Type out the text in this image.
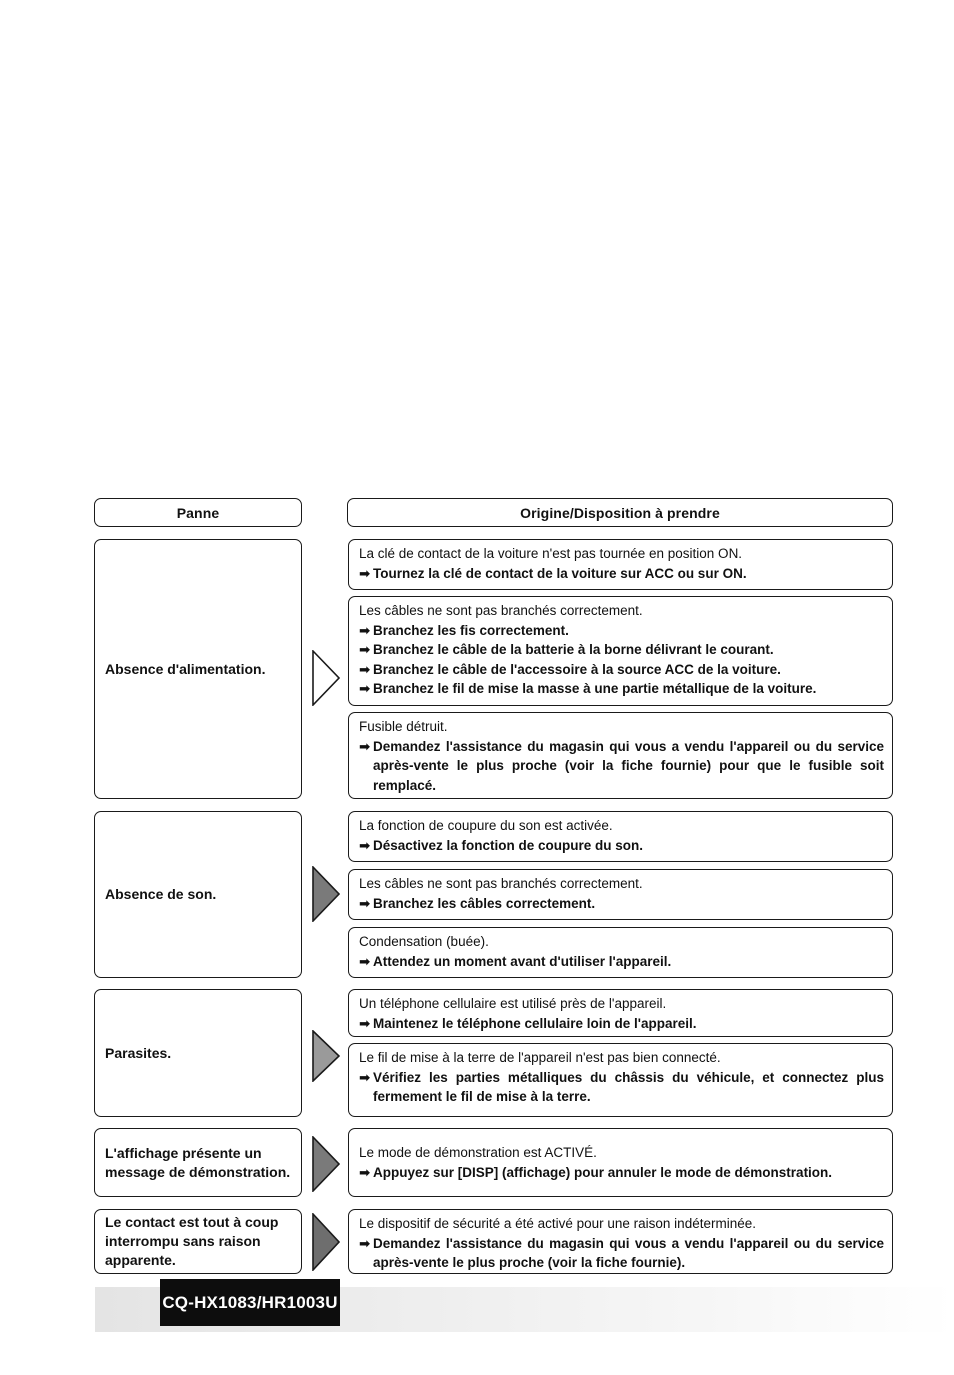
Panne	Origine/Disposition à prendre
Absence d'alimentation.

La clé de contact de la voiture n'est pas tournée en position ON.

➡ Tournez la clé de contact de la voiture sur ACC ou sur ON.

Les câbles ne sont pas branchés correctement.

➡ Branchez les fis correctement.

➡ Branchez le câble de la batterie à la borne délivrant le courant.

➡ Branchez le câble de l'accessoire à la source ACC de la voiture.

➡ Branchez le fil de mise la masse à une partie métallique de la voiture.

Fusible détruit.

➡ Demandez l'assistance du magasin qui vous a vendu l'appareil ou du service après-vente le plus proche (voir la fiche fournie) pour que le fusible soit remplacé.

Absence de son.

La fonction de coupure du son est activée.

➡ Désactivez la fonction de coupure du son.

Les câbles ne sont pas branchés correctement.

➡ Branchez les câbles correctement.

Condensation (buée).

➡ Attendez un moment avant d'utiliser l'appareil.

Parasites.

Un téléphone cellulaire est utilisé près de l'appareil.

➡ Maintenez le téléphone cellulaire loin de l'appareil.

Le fil de mise à la terre de l'appareil n'est pas bien connecté.

➡ Vérifiez les parties métalliques du châssis du véhicule, et connectez plus fermement le fil de mise à la terre.

L'affichage présente un message de démonstration.

Le mode de démonstration est ACTIVÉ.

➡ Appuyez sur [DISP] (affichage) pour annuler le mode de démonstration.

Le contact est tout à coup interrompu sans raison apparente.

Le dispositif de sécurité a été activé pour une raison indéterminée.

➡ Demandez l'assistance du magasin qui vous a vendu l'appareil ou du service après-vente le plus proche (voir la fiche fournie).

CQ-HX1083/HR1003U
